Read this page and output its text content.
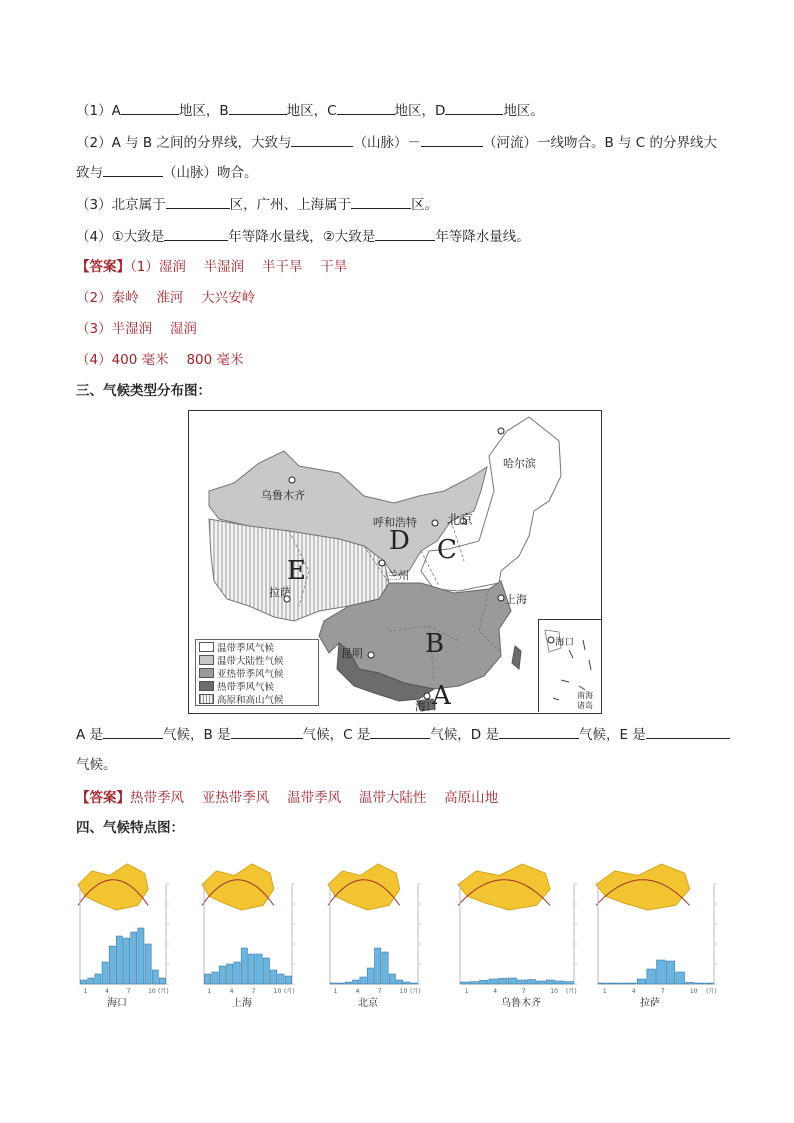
（1）A	地区，B	地区，C	地区，D	地区。
（2）A 与 B 之间的分界线，大致与	（山脉）－	（河流）一线吻合。B 与 C 的分界线大
致与	（山脉）吻合。
（3）北京属于	区，广州、上海属于	区。
（4）①大致是	年等降水量线，②大致是	年等降水量线。
【答案】（1）湿润　 半湿润　 半干旱　 干旱
（2）秦岭　 淮河　 大兴安岭
（3）半湿润　 湿润
（4）400 毫米　 800 毫米
三、气候类型分布图：
乌鲁木齐
呼和浩特 北京
哈尔滨
兰州
拉萨
上海
昆明
海口
A
B
C
D
E
温带季风气候
温带大陆性气候
亚热带季风气候
热带季风气候
高原和高山气候
海口
南海
诸岛
A 是	气候，B 是	气候，C 是	气候，D 是	气候，E 是
气候。
【答案】热带季风　 亚热带季风　 温带季风　 温带大陆性　 高原山地
四、气候特点图：
1	4	7	10 (月)
海口
1	4	7	10 (月)
上海
1	4	7	10 (月)
北京
1	4	7	10 (月)
乌鲁木齐
1	4	7	10 (月)
拉萨
